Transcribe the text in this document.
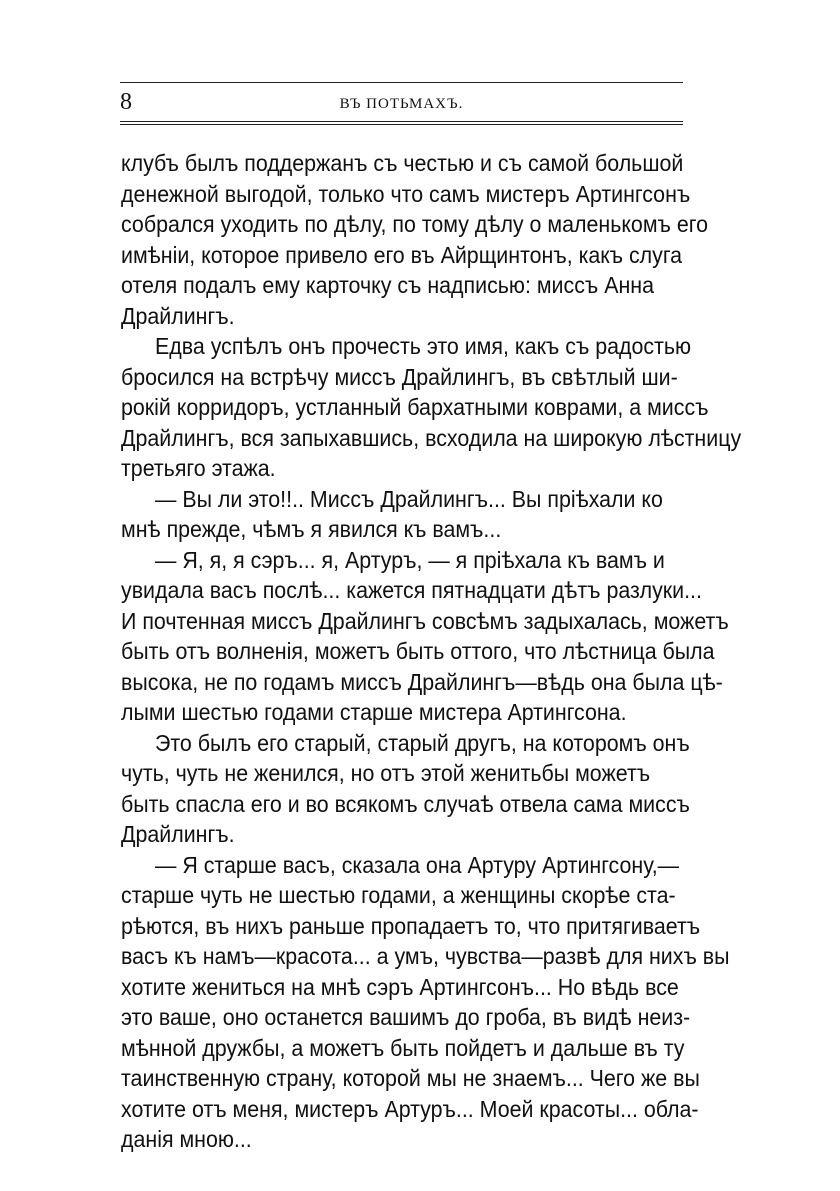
8	ВЪ ПОТЬМАХЪ.
клубъ былъ поддержанъ съ честью и съ самой большой
денежной выгодой, только что самъ мистеръ Артингсонъ
собрался уходить по дѣлу, по тому дѣлу о маленькомъ его
имѣніи, которое привело его въ Айрщинтонъ, какъ слуга
отеля подалъ ему карточку съ надписью: миссъ Анна
Драйлингъ.
Едва успѣлъ онъ прочесть это имя, какъ съ радостью
бросился на встрѣчу миссъ Драйлингъ, въ свѣтлый ши-
рокій корридоръ, устланный бархатными коврами, а миссъ
Драйлингъ, вся запыхавшись, всходила на широкую лѣстницу
третьяго этажа.
— Вы ли это!!.. Миссъ Драйлингъ... Вы пріѣхали ко
мнѣ прежде, чѣмъ я явился къ вамъ...
— Я, я, я сэръ... я, Артуръ, — я пріѣхала къ вамъ и
увидала васъ послѣ... кажется пятнадцати дѣтъ разлуки...
И почтенная миссъ Драйлингъ совсѣмъ задыхалась, можетъ
быть отъ волненія, можетъ быть оттого, что лѣстница была
высока, не по годамъ миссъ Драйлингъ—вѣдь она была цѣ-
лыми шестью годами старше мистера Артингсона.
Это былъ его старый, старый другъ, на которомъ онъ
чуть, чуть не женился, но отъ этой женитьбы можетъ
быть спасла его и во всякомъ случаѣ отвела сама миссъ
Драйлингъ.
— Я старше васъ, сказала она Артуру Артингсону,—
старше чуть не шестью годами, а женщины скорѣе ста-
рѣются, въ нихъ раньше пропадаетъ то, что притягиваетъ
васъ къ намъ—красота... а умъ, чувства—развѣ для нихъ вы
хотите жениться на мнѣ сэръ Артингсонъ... Но вѣдь все
это ваше, оно останется вашимъ до гроба, въ видѣ неиз-
мѣнной дружбы, а можетъ быть пойдетъ и дальше въ ту
таинственную страну, которой мы не знаемъ... Чего же вы
хотите отъ меня, мистеръ Артуръ... Моей красоты... обла-
данія мною...
